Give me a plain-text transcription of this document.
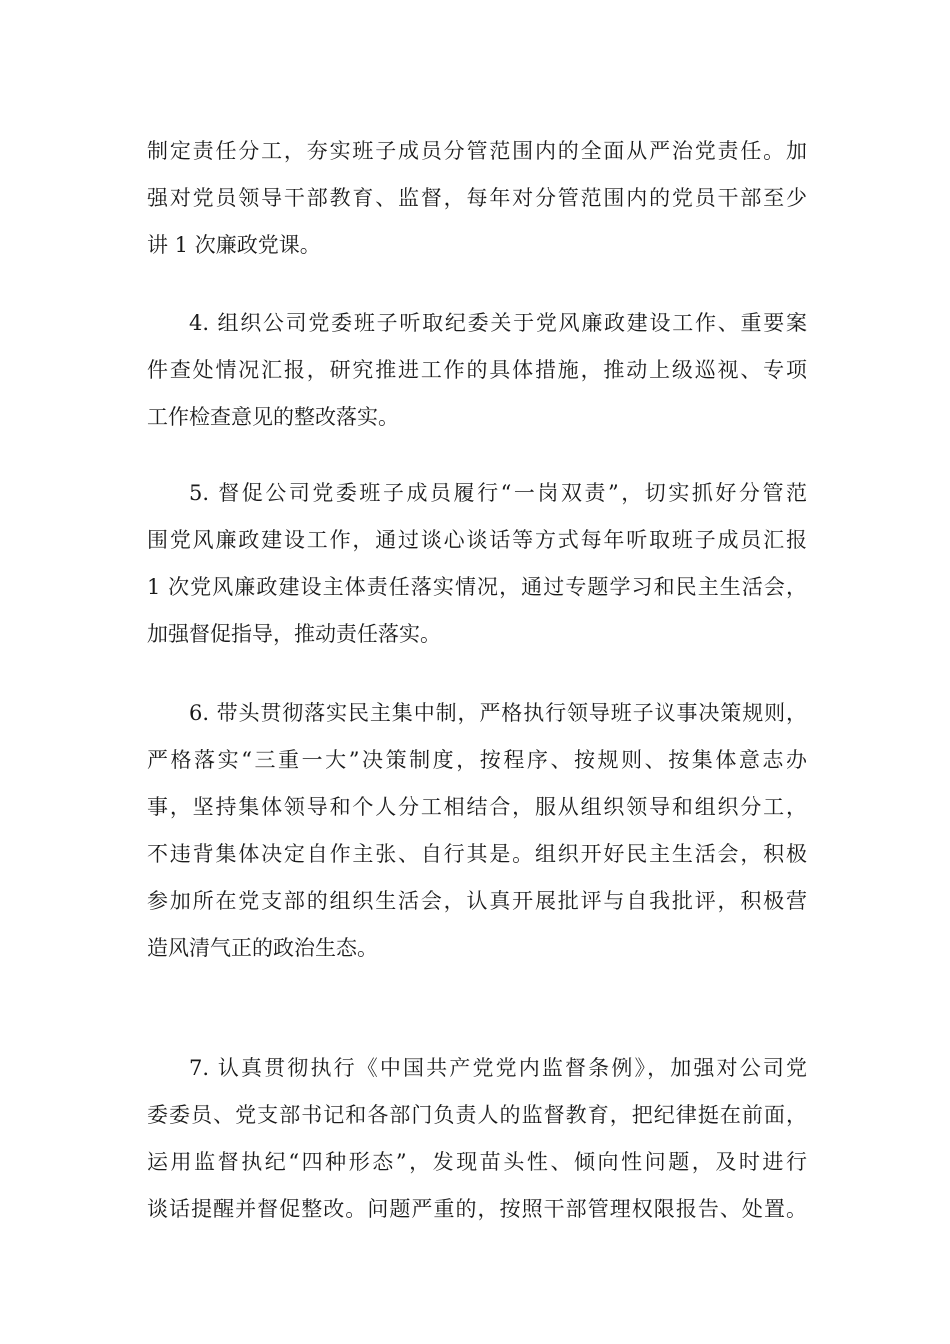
制定责任分工，夯实班子成员分管范围内的全面从严治党责任。加
强对党员领导干部教育、监督，每年对分管范围内的党员干部至少
讲 1 次廉政党课。
4. 组织公司党委班子听取纪委关于党风廉政建设工作、重要案
件查处情况汇报，研究推进工作的具体措施，推动上级巡视、专项
工作检查意见的整改落实。
5. 督促公司党委班子成员履行“一岗双责”，切实抓好分管范
围党风廉政建设工作，通过谈心谈话等方式每年听取班子成员汇报
1 次党风廉政建设主体责任落实情况，通过专题学习和民主生活会，
加强督促指导，推动责任落实。
6. 带头贯彻落实民主集中制，严格执行领导班子议事决策规则，
严格落实“三重一大”决策制度，按程序、按规则、按集体意志办
事，坚持集体领导和个人分工相结合，服从组织领导和组织分工，
不违背集体决定自作主张、自行其是。组织开好民主生活会，积极
参加所在党支部的组织生活会，认真开展批评与自我批评，积极营
造风清气正的政治生态。
7. 认真贯彻执行《中国共产党党内监督条例》，加强对公司党
委委员、党支部书记和各部门负责人的监督教育，把纪律挺在前面，
运用监督执纪“四种形态”，发现苗头性、倾向性问题，及时进行
谈话提醒并督促整改。问题严重的，按照干部管理权限报告、处置。
